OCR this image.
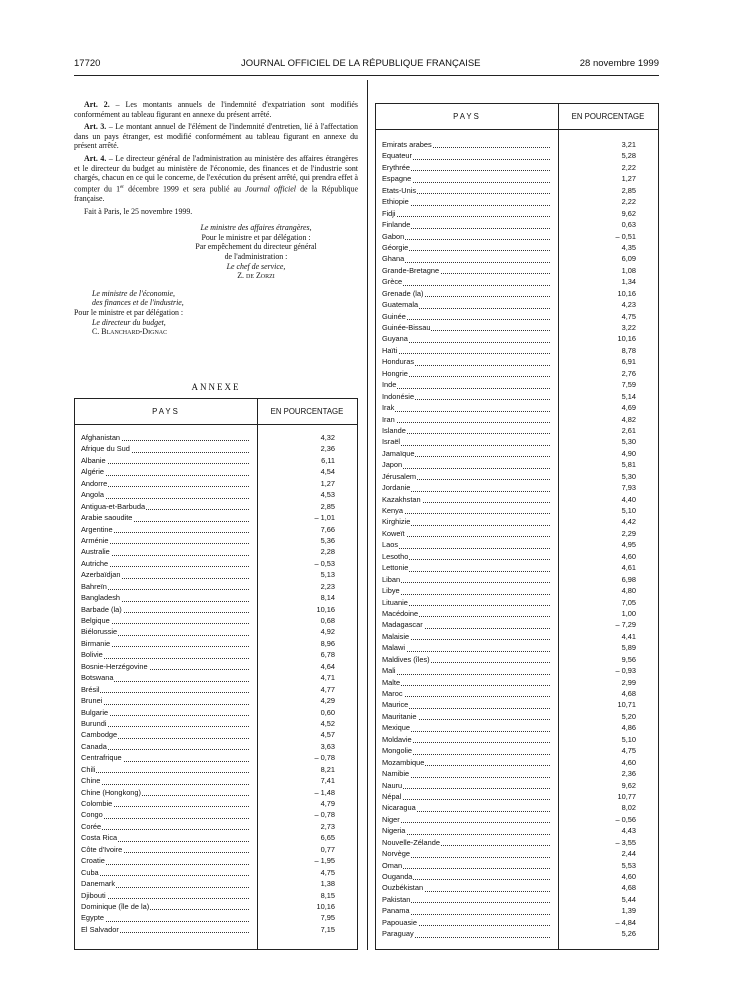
17720	JOURNAL OFFICIEL DE LA RÉPUBLIQUE FRANÇAISE	28 novembre 1999

Art. 2. – Les montants annuels de l'indemnité d'expatriation sont modifiés conformément au tableau figurant en annexe du présent arrêté.

Art. 3. – Le montant annuel de l'élément de l'indemnité d'entretien, lié à l'affectation dans un pays étranger, est modifié conformément au tableau figurant en annexe du présent arrêté.

Art. 4. – Le directeur général de l'administration au ministère des affaires étrangères et le directeur du budget au ministère de l'économie, des finances et de l'industrie sont chargés, chacun en ce qui le concerne, de l'exécution du présent arrêté, qui prendra effet à compter du 1er décembre 1999 et sera publié au Journal officiel de la République française.

Fait à Paris, le 25 novembre 1999.

Le ministre des affaires étrangères,
Pour le ministre et par délégation :
Par empêchement du directeur général
de l'administration :
Le chef de service,
Z. de Zorzi
Le ministre de l'économie,
des finances et de l'industrie,
Pour le ministre et par délégation :
Le directeur du budget,
C. Blanchard-Dignac
ANNEXE
PAYS	EN POURCENTAGE
Afghanistan	4,32
Afrique du Sud	2,36
Albanie	6,11
Algérie	4,54
Andorre	1,27
Angola	4,53
Antigua-et-Barbuda	2,85
Arabie saoudite	– 1,01
Argentine	7,66
Arménie	5,36
Australie	2,28
Autriche	– 0,53
Azerbaïdjan	5,13
Bahreïn	2,23
Bangladesh	8,14
Barbade (la)	10,16
Belgique	0,68
Biélorussie	4,92
Birmanie	8,96
Bolivie	6,78
Bosnie-Herzégovine	4,64
Botswana	4,71
Brésil	4,77
Brunei	4,29
Bulgarie	0,60
Burundi	4,52
Cambodge	4,57
Canada	3,63
Centrafrique	– 0,78
Chili	8,21
Chine	7,41
Chine (Hongkong)	– 1,48
Colombie	4,79
Congo	– 0,78
Corée	2,73
Costa Rica	6,65
Côte d'Ivoire	0,77
Croatie	– 1,95
Cuba	4,75
Danemark	1,38
Djibouti	8,15
Dominique (île de la)	10,16
Egypte	7,95
El Salvador	7,15
PAYS	EN POURCENTAGE
Emirats arabes	3,21
Equateur	5,28
Erythrée	2,22
Espagne	1,27
Etats-Unis	2,85
Ethiopie	2,22
Fidji	9,62
Finlande	0,63
Gabon	– 0,51
Géorgie	4,35
Ghana	6,09
Grande-Bretagne	1,08
Grèce	1,34
Grenade (la)	10,16
Guatemala	4,23
Guinée	4,75
Guinée-Bissau	3,22
Guyana	10,16
Haïti	8,78
Honduras	6,91
Hongrie	2,76
Inde	7,59
Indonésie	5,14
Irak	4,69
Iran	4,82
Islande	2,61
Israël	5,30
Jamaïque	4,90
Japon	5,81
Jérusalem	5,30
Jordanie	7,93
Kazakhstan	4,40
Kenya	5,10
Kirghizie	4,42
Koweït	2,29
Laos	4,95
Lesotho	4,60
Lettonie	4,61
Liban	6,98
Libye	4,80
Lituanie	7,05
Macédoine	1,00
Madagascar	– 7,29
Malaisie	4,41
Malawi	5,89
Maldives (îles)	9,56
Mali	– 0,93
Malte	2,99
Maroc	4,68
Maurice	10,71
Mauritanie	5,20
Mexique	4,86
Moldavie	5,10
Mongolie	4,75
Mozambique	4,60
Namibie	2,36
Nauru	9,62
Népal	10,77
Nicaragua	8,02
Niger	– 0,56
Nigeria	4,43
Nouvelle-Zélande	– 3,55
Norvège	2,44
Oman	5,53
Ouganda	4,60
Ouzbékistan	4,68
Pakistan	5,44
Panama	1,39
Papouasie	– 4,84
Paraguay	5,26
